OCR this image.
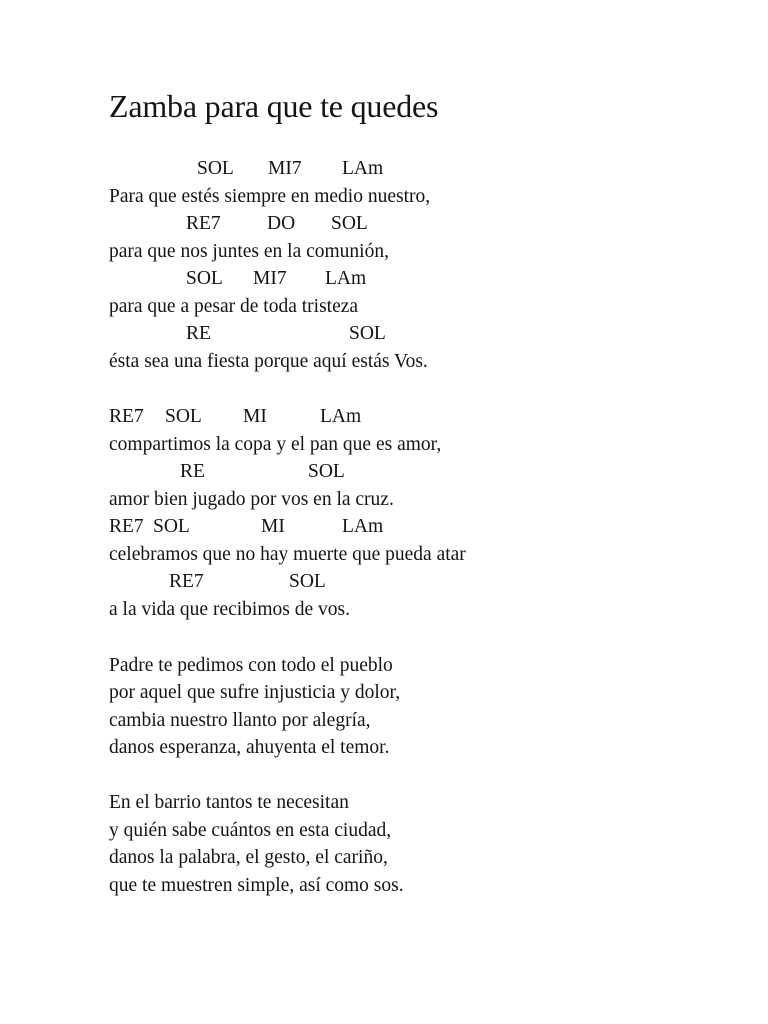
Zamba para que te quedes
SOL MI7 LAm
Para que estés siempre en medio nuestro,
RE7 DO SOL
para que nos juntes en la comunión,
SOL MI7 LAm
para que a pesar de toda tristeza
RE	SOL
ésta sea una fiesta porque aquí estás Vos.
RE7 SOL MI	LAm
compartimos la copa y el pan que es amor,
RE	SOL
amor bien jugado por vos en la cruz.
RE7 SOL	MI	LAm
celebramos que no hay muerte que pueda atar
RE7	SOL
a la vida que recibimos de vos.
Padre te pedimos con todo el pueblo
por aquel que sufre injusticia y dolor,
cambia nuestro llanto por alegría,
danos esperanza, ahuyenta el temor.
En el barrio tantos te necesitan
y quién sabe cuántos en esta ciudad,
danos la palabra, el gesto, el cariño,
que te muestren simple, así como sos.
